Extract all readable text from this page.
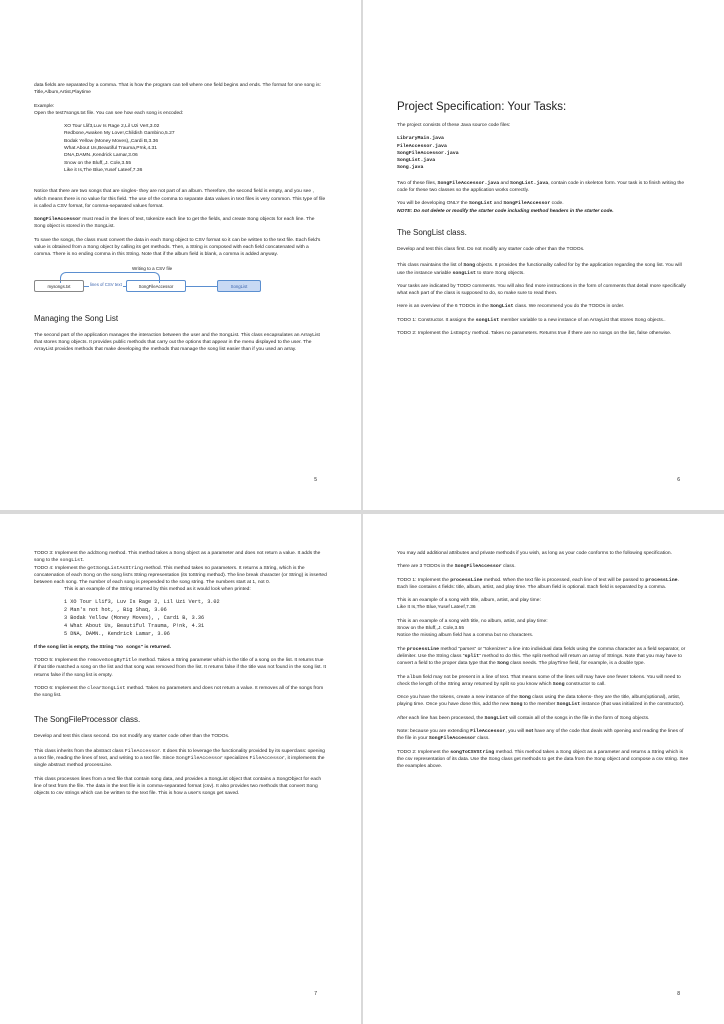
data fields are separated by a comma. That is how the program can tell where one field begins and ends. The format for one song is: Title,Album,Artist,Playtime

Example:

Open the test7songs.txt file. You can see how each song is encoded:

XO Tour Llif3,Luv Is Rage 2,Lil Uzi Vert,3.02
Redbone,Awaken My Love!,Childish Gambino,5.27
Bodak Yellow (Money Moves),,Cardi B,3.36
What About Us,Beautiful Trauma,P!nk,4.31
DNA,DAMN.,Kendrick Lamar,3.06
Snow on the Bluff,,J. Cole,3.55
Like it Is,The Blue,Yusef Lateef,7.36

Notice that there are two songs that are singles- they are not part of an album. Therefore, the second field is empty, and you see , which means there is no value for this field. The use of the comma to separate data values in text files is very common. This type of file is called a CSV format, for comma-separated values format.

SongFileAccessor must read in the lines of text, tokenize each line to get the fields, and create Song objects for each line. The Song object is stored in the SongList.

To save the songs, the class must convert the data in each Song object to CSV format so it can be written to the text file. Each field's value is obtained from a Song object by calling its get methods. Then, a String is composed with each field concatenated with a comma. There is no ending comma in this String. Note that if the album field is blank, a comma is added anyway.

Writing to a CSV file
mysongs.txt	lines of CSV text	SongFileAccessor	SongList
Managing the Song List

The second part of the application manages the interaction between the user and the SongList. This class encapsulates an ArrayList that stores Song objects. It provides public methods that carry out the options that appear in the menu displayed to the user. The ArrayList provides methods that make developing the methods that manage the song list easier than if you used an array.

5
Project Specification: Your Tasks:

The project consists of these Java source code files:

LibraryMain.java
FileAccessor.java
SongFileAccessor.java
SongList.java
Song.java

Two of these files, SongFileAccessor.java and SongList.java, contain code in skeleton form. Your task is to finish writing the code for these two classes so the application works correctly.

You will be developing ONLY the SongList and SongFileAccessor code.

NOTE: Do not delete or modify the starter code including method headers in the starter code.

The SongList class.

Develop and test this class first. Do not modify any starter code other than the TODOs.

This class maintains the list of Song objects. It provides the functionality called for by the application regarding the song list. You will use the instance variable songList to store Song objects.

Your tasks are indicated by TODO comments. You will also find more instructions in the form of comments that detail more specifically what each part of the class is supposed to do, so make sure to read them.

Here is an overview of the 6 TODOs in the SongList class. We recommend you do the TODOs in order.

TODO 1: Constructor. It assigns the songList member variable to a new instance of an ArrayList that stores Song objects..

TODO 2: Implement the isEmpty method. Takes no parameters. Returns true if there are no songs on the list, false otherwise.

6

TODO 3: Implement the addSong method. This method takes a Song object as a parameter and does not return a value. It adds the song to the songList.

TODO 4: Implement the getSongListAsString method. This method takes no parameters. It returns a String, which is the concatenation of each Song on the song list's String representation (its toString method). The line break character (or String) is inserted between each song. The number of each song is prepended to the song string. The numbers start at 1, not 0.

This is an example of the String returned by this method as it would look when printed:

1 XO Tour Llif3, Luv Is Rage 2, Lil Uzi Vert, 3.02
2 Man's not hot, , Big Shaq, 3.06
3 Bodak Yellow (Money Moves), , Cardi B, 3.36
4 What About Us, Beautiful Trauma, P!nk, 4.31
5 DNA, DAMN., Kendrick Lamar, 3.06

If the song list is empty, the String "no songs" is returned.

TODO 5: Implement the removeSongByTitle method. Takes a String parameter which is the title of a song on the list. It returns true if that title matched a song on the list and that song was removed from the list. It returns false if the title was not found in the song list. It returns false if the song list is empty.

TODO 6: Implement the clearSongList method. Takes no parameters and does not return a value. It removes all of the songs from the song list.

The SongFileProcessor class.

Develop and test this class second. Do not modify any starter code other than the TODOs.

This class inherits from the abstract class FileAccessor. It does this to leverage the functionality provided by its superclass: opening a text file, reading the lines of text, and writing to a text file. Since SongFileAccessor specializes FileAccessor, it implements the single abstract method processLine.

This class processes lines from a text file that contain song data, and provides a SongList object that contains a SongObject for each line of text from the file. The data in the text file is in comma-separated format (csv). It also provides two methods that convert Song objects to csv strings which can be written to the text file. This is how a user's songs get saved.

7

You may add additional attributes and private methods if you wish, as long as your code conforms to the following specification.

There are 3 TODOs in the SongFileAccessor class.

TODO 1: Implement the processLine method. When the text file is processed, each line of text will be passed to processLine. Each line contains 4 fields: title, album, artist, and play time. The album field is optional. Each field is separated by a comma.

This is an example of a song with title, album, artist, and play time:
Like It Is,The Blue,Yusef Lateef,7.36

This is an example of a song with title, no album, artist, and play time:
Snow on the Bluff,,J. Cole,3.55
Notice the missing album field has a comma but no characters.

The processLine method "parses" or "tokenizes" a line into individual data fields using the comma character as a field separator, or delimiter. Use the String class "split" method to do this. The split method will return an array of Strings. Note that you may have to convert a field to the proper data type that the Song class needs. The playTime field, for example, is a double type.

The album field may not be present in a line of text. That means some of the lines will may have one fewer tokens. You will need to check the length of the String array returned by split so you know which Song constructor to call.

Once you have the tokens, create a new instance of the Song class using the data tokens- they are the title, album(optional), artist, playing time. Once you have done this, add the new Song to the member SongList instance (that was initialized in the constructor).

After each line has been processed, the SongList will contain all of the songs in the file in the form of Song objects.

Note: because you are extending FileAccessor, you will not have any of the code that deals with opening and reading the lines of the file in your SongFileAccessor class.

TODO 2: Implement the songToCSVString method. This method takes a Song object as a parameter and returns a String which is the csv representation of its data. Use the Song class get methods to get the data from the Song object and compose a csv string. See the examples above.

8
